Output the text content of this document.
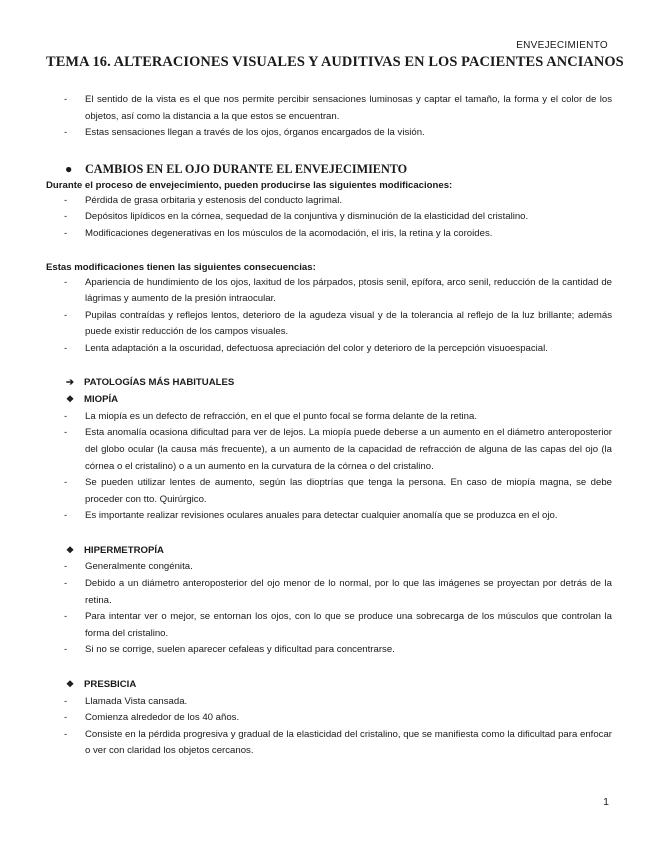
ENVEJECIMIENTO
TEMA 16. ALTERACIONES VISUALES Y AUDITIVAS EN LOS PACIENTES ANCIANOS
- El sentido de la vista es el que nos permite percibir sensaciones luminosas y captar el tamaño, la forma y el color de los objetos, así como la distancia a la que estos se encuentran.
- Estas sensaciones llegan a través de los ojos, órganos encargados de la visión.
● CAMBIOS EN EL OJO DURANTE EL ENVEJECIMIENTO
Durante el proceso de envejecimiento, pueden producirse las siguientes modificaciones:
- Pérdida de grasa orbitaria y estenosis del conducto lagrimal.
- Depósitos lipídicos en la córnea, sequedad de la conjuntiva y disminución de la elasticidad del cristalino.
- Modificaciones degenerativas en los músculos de la acomodación, el iris, la retina y la coroides.
Estas modificaciones tienen las siguientes consecuencias:
- Apariencia de hundimiento de los ojos, laxitud de los párpados, ptosis senil, epífora, arco senil, reducción de la cantidad de lágrimas y aumento de la presión intraocular.
- Pupilas contraídas y reflejos lentos, deterioro de la agudeza visual y de la tolerancia al reflejo de la luz brillante; además puede existir reducción de los campos visuales.
- Lenta adaptación a la oscuridad, defectuosa apreciación del color y deterioro de la percepción visuoespacial.
➔ PATOLOGÍAS MÁS HABITUALES
❖ MIOPÍA
- La miopía es un defecto de refracción, en el que el punto focal se forma delante de la retina.
- Esta anomalía ocasiona dificultad para ver de lejos. La miopía puede deberse a un aumento en el diámetro anteroposterior del globo ocular (la causa más frecuente), a un aumento de la capacidad de refracción de alguna de las capas del ojo (la córnea o el cristalino) o a un aumento en la curvatura de la córnea o del cristalino.
- Se pueden utilizar lentes de aumento, según las dioptrías que tenga la persona. En caso de miopía magna, se debe proceder con tto. Quirúrgico.
- Es importante realizar revisiones oculares anuales para detectar cualquier anomalía que se produzca en el ojo.
❖ HIPERMETROPÍA
- Generalmente congénita.
- Debido a un diámetro anteroposterior del ojo menor de lo normal, por lo que las imágenes se proyectan por detrás de la retina.
- Para intentar ver o mejor, se entornan los ojos, con lo que se produce una sobrecarga de los músculos que controlan la forma del cristalino.
- Si no se corrige, suelen aparecer cefaleas y dificultad para concentrarse.
❖ PRESBICIA
- Llamada Vista cansada.
- Comienza alrededor de los 40 años.
- Consiste en la pérdida progresiva y gradual de la elasticidad del cristalino, que se manifiesta como la dificultad para enfocar o ver con claridad los objetos cercanos.
1
